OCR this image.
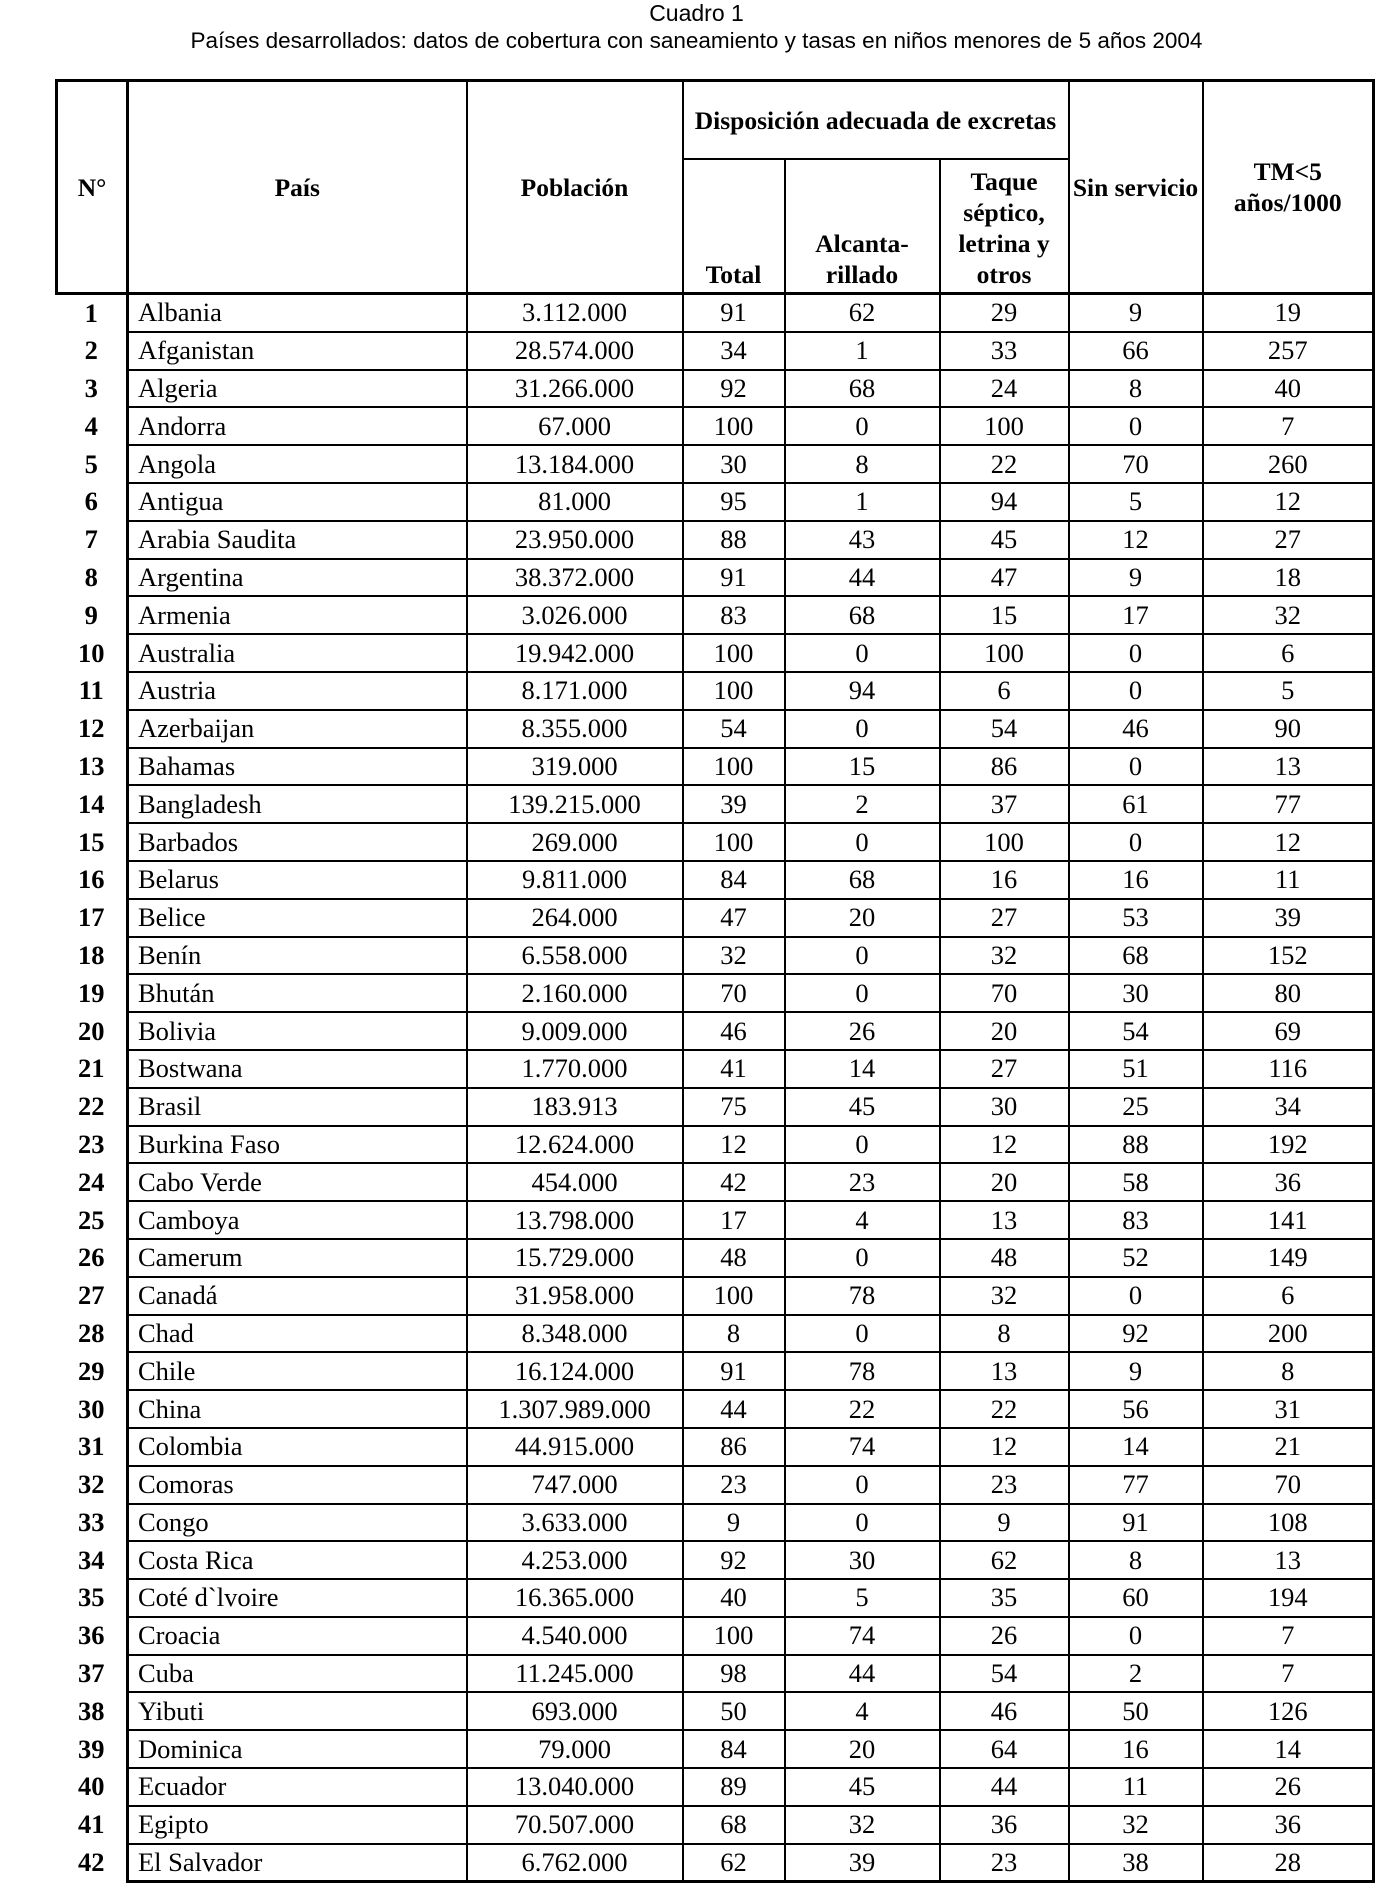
Cuadro 1
Países desarrollados: datos de cobertura con saneamiento y tasas en niños menores de 5 años 2004
N°	País	Población	Disposición adecuada de excretas			Sin servicio	TM<5 años/1000
			Total	Alcanta- rillado	Taque séptico, letrina y otros		
1	Albania	3.112.000	91	62	29	9	19
2	Afganistan	28.574.000	34	1	33	66	257
3	Algeria	31.266.000	92	68	24	8	40
4	Andorra	67.000	100	0	100	0	7
5	Angola	13.184.000	30	8	22	70	260
6	Antigua	81.000	95	1	94	5	12
7	Arabia Saudita	23.950.000	88	43	45	12	27
8	Argentina	38.372.000	91	44	47	9	18
9	Armenia	3.026.000	83	68	15	17	32
10	Australia	19.942.000	100	0	100	0	6
11	Austria	8.171.000	100	94	6	0	5
12	Azerbaijan	8.355.000	54	0	54	46	90
13	Bahamas	319.000	100	15	86	0	13
14	Bangladesh	139.215.000	39	2	37	61	77
15	Barbados	269.000	100	0	100	0	12
16	Belarus	9.811.000	84	68	16	16	11
17	Belice	264.000	47	20	27	53	39
18	Benín	6.558.000	32	0	32	68	152
19	Bhután	2.160.000	70	0	70	30	80
20	Bolivia	9.009.000	46	26	20	54	69
21	Bostwana	1.770.000	41	14	27	51	116
22	Brasil	183.913	75	45	30	25	34
23	Burkina Faso	12.624.000	12	0	12	88	192
24	Cabo Verde	454.000	42	23	20	58	36
25	Camboya	13.798.000	17	4	13	83	141
26	Camerum	15.729.000	48	0	48	52	149
27	Canadá	31.958.000	100	78	32	0	6
28	Chad	8.348.000	8	0	8	92	200
29	Chile	16.124.000	91	78	13	9	8
30	China	1.307.989.000	44	22	22	56	31
31	Colombia	44.915.000	86	74	12	14	21
32	Comoras	747.000	23	0	23	77	70
33	Congo	3.633.000	9	0	9	91	108
34	Costa Rica	4.253.000	92	30	62	8	13
35	Coté d`lvoire	16.365.000	40	5	35	60	194
36	Croacia	4.540.000	100	74	26	0	7
37	Cuba	11.245.000	98	44	54	2	7
38	Yibuti	693.000	50	4	46	50	126
39	Dominica	79.000	84	20	64	16	14
40	Ecuador	13.040.000	89	45	44	11	26
41	Egipto	70.507.000	68	32	36	32	36
42	El Salvador	6.762.000	62	39	23	38	28
